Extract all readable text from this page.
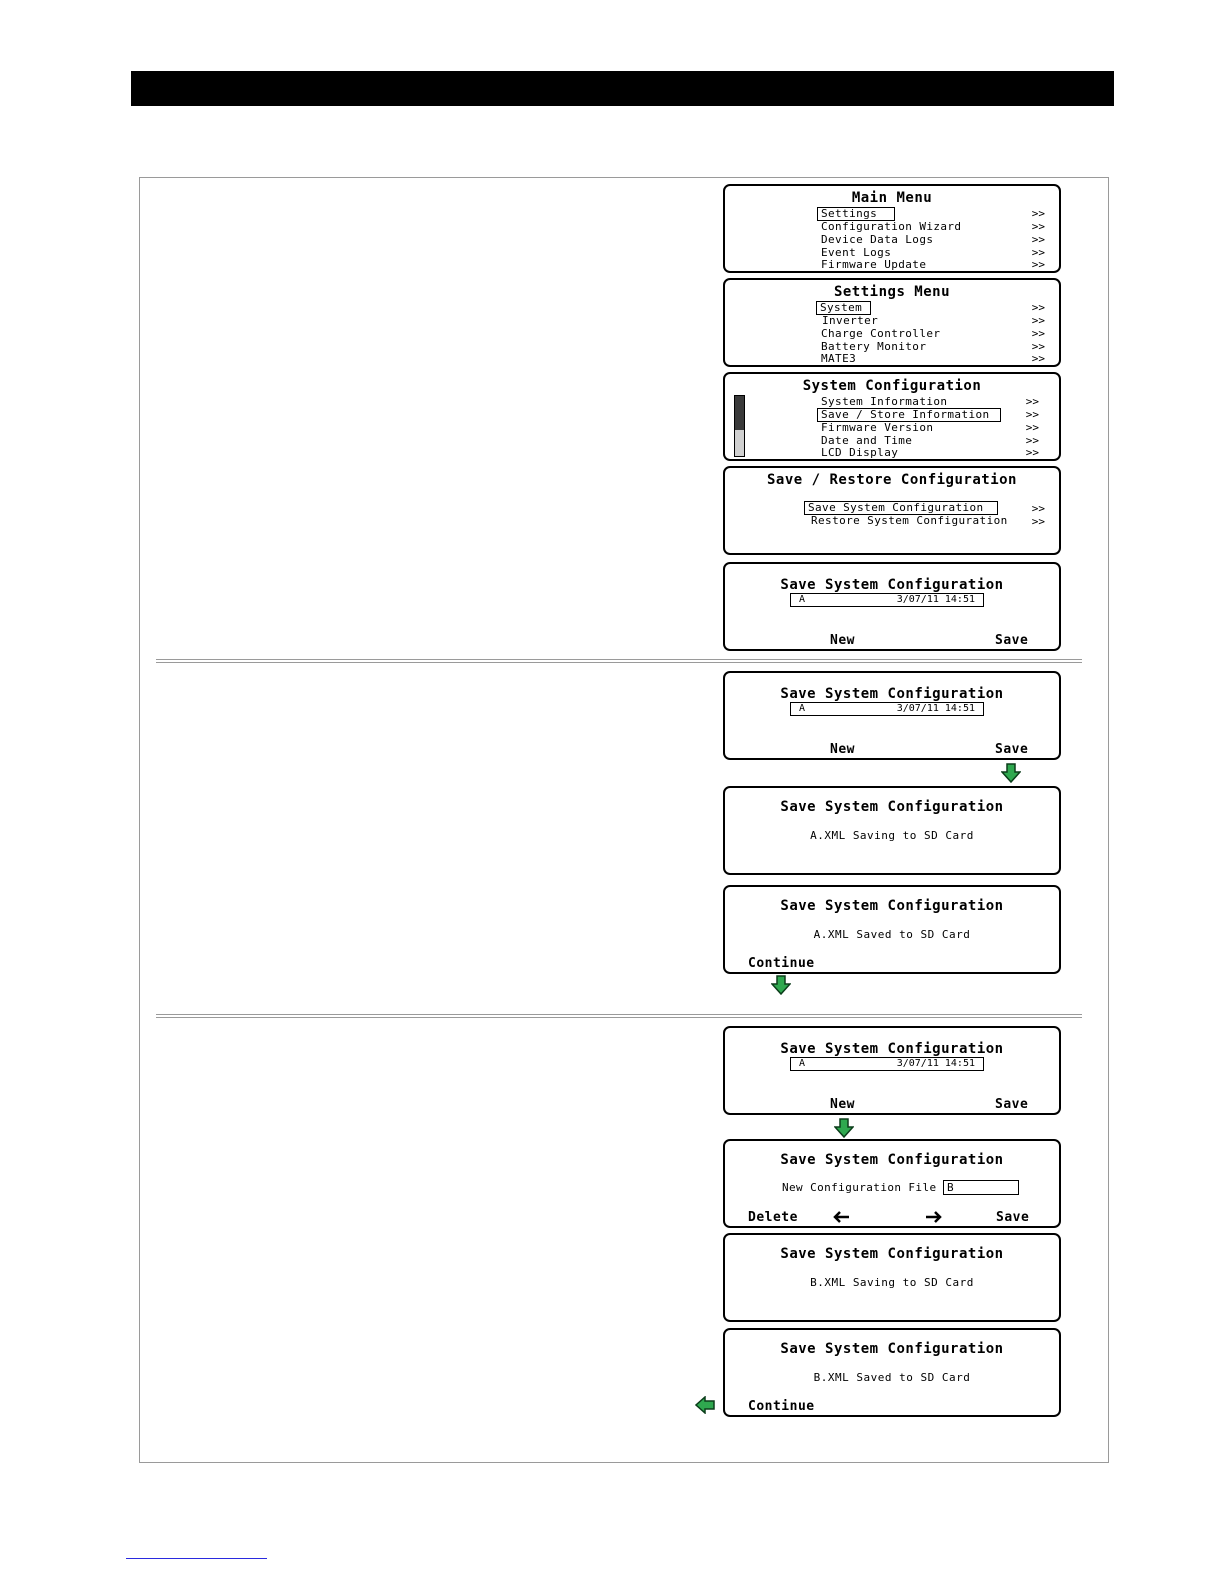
Main Menu
Settings
Configuration Wizard
Device Data Logs
Event Logs
Firmware Update
>>
>>
>>
>>
>>
Settings Menu
System
Inverter
Charge Controller
Battery Monitor
MATE3
>>
>>
>>
>>
>>
System Configuration
System Information
Save / Store Information
Firmware Version
Date and Time
LCD Display
>>
>>
>>
>>
>>
Save / Restore Configuration
Save System Configuration
Restore System Configuration
>>
>>
Save System Configuration
A	3/07/11 14:51
New	Save
Save System Configuration
A	3/07/11 14:51
New	Save
Save System Configuration
A.XML Saving to SD Card
Save System Configuration
A.XML Saved to SD Card
Continue
Save System Configuration
A	3/07/11 14:51
New	Save
Save System Configuration
New Configuration File B
Delete	Save
Save System Configuration
B.XML Saving to SD Card
Save System Configuration
B.XML Saved to SD Card
Continue
